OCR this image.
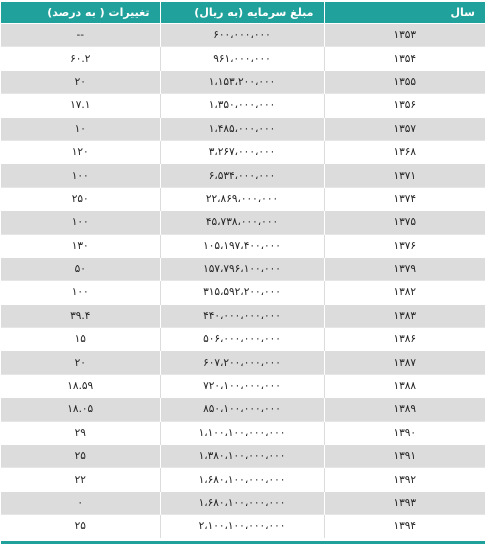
سال	مبلغ سرمایه (به ریال)	تغییرات ( به درصد)
۱۳۵۳	۶۰۰،۰۰۰،۰۰۰	--
۱۳۵۴	۹۶۱،۰۰۰،۰۰۰	۶۰.۲
۱۳۵۵	۱،۱۵۳،۲۰۰،۰۰۰	۲۰
۱۳۵۶	۱،۳۵۰،۰۰۰،۰۰۰	۱۷.۱
۱۳۵۷	۱،۴۸۵،۰۰۰،۰۰۰	۱۰
۱۳۶۸	۳،۲۶۷،۰۰۰،۰۰۰	۱۲۰
۱۳۷۱	۶،۵۳۴،۰۰۰،۰۰۰	۱۰۰
۱۳۷۴	۲۲،۸۶۹،۰۰۰،۰۰۰	۲۵۰
۱۳۷۵	۴۵،۷۳۸،۰۰۰،۰۰۰	۱۰۰
۱۳۷۶	۱۰۵،۱۹۷،۴۰۰،۰۰۰	۱۳۰
۱۳۷۹	۱۵۷،۷۹۶،۱۰۰،۰۰۰	۵۰
۱۳۸۲	۳۱۵،۵۹۲،۲۰۰،۰۰۰	۱۰۰
۱۳۸۳	۴۴۰،۰۰۰،۰۰۰،۰۰۰	۳۹.۴
۱۳۸۶	۵۰۶،۰۰۰،۰۰۰،۰۰۰	۱۵
۱۳۸۷	۶۰۷،۲۰۰،۰۰۰،۰۰۰	۲۰
۱۳۸۸	۷۲۰،۱۰۰،۰۰۰،۰۰۰	۱۸.۵۹
۱۳۸۹	۸۵۰،۱۰۰،۰۰۰،۰۰۰	۱۸.۰۵
۱۳۹۰	۱،۱۰۰،۱۰۰،۰۰۰،۰۰۰	۲۹
۱۳۹۱	۱،۳۸۰،۱۰۰،۰۰۰،۰۰۰	۲۵
۱۳۹۲	۱،۶۸۰،۱۰۰،۰۰۰،۰۰۰	۲۲
۱۳۹۳	۱،۶۸۰،۱۰۰،۰۰۰،۰۰۰	۰
۱۳۹۴	۲،۱۰۰،۱۰۰،۰۰۰،۰۰۰	۲۵
